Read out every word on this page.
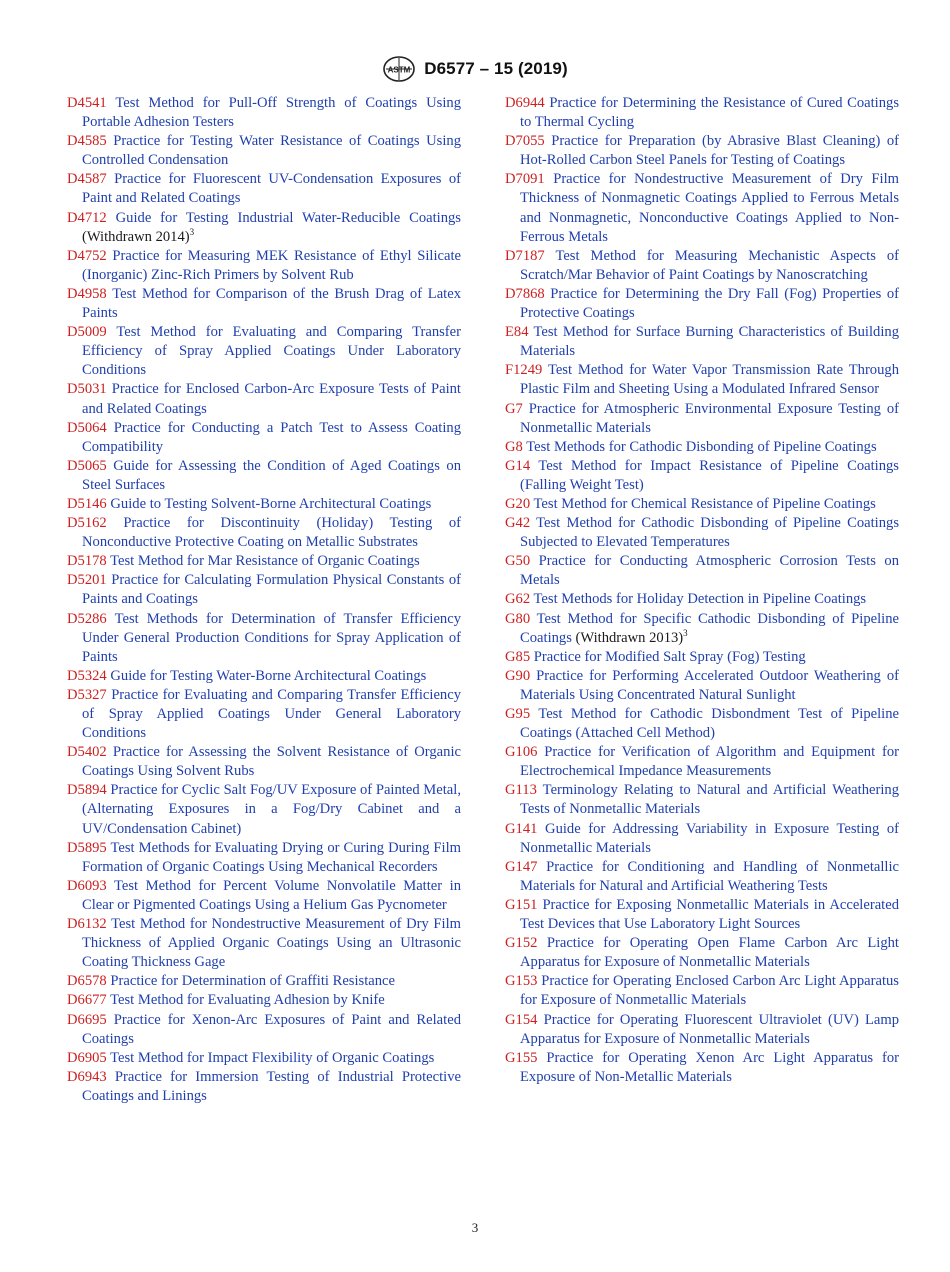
ASTM D6577 – 15 (2019)

D4541 Test Method for Pull-Off Strength of Coatings Using Portable Adhesion Testers

D4585 Practice for Testing Water Resistance of Coatings Using Controlled Condensation

D4587 Practice for Fluorescent UV-Condensation Exposures of Paint and Related Coatings

D4712 Guide for Testing Industrial Water-Reducible Coatings (Withdrawn 2014)$^3$

D4752 Practice for Measuring MEK Resistance of Ethyl Silicate (Inorganic) Zinc-Rich Primers by Solvent Rub

D4958 Test Method for Comparison of the Brush Drag of Latex Paints

D5009 Test Method for Evaluating and Comparing Transfer Efficiency of Spray Applied Coatings Under Laboratory Conditions

D5031 Practice for Enclosed Carbon-Arc Exposure Tests of Paint and Related Coatings

D5064 Practice for Conducting a Patch Test to Assess Coating Compatibility

D5065 Guide for Assessing the Condition of Aged Coatings on Steel Surfaces

D5146 Guide to Testing Solvent-Borne Architectural Coatings

D5162 Practice for Discontinuity (Holiday) Testing of Nonconductive Protective Coating on Metallic Substrates

D5178 Test Method for Mar Resistance of Organic Coatings

D5201 Practice for Calculating Formulation Physical Constants of Paints and Coatings

D5286 Test Methods for Determination of Transfer Efficiency Under General Production Conditions for Spray Application of Paints

D5324 Guide for Testing Water-Borne Architectural Coatings

D5327 Practice for Evaluating and Comparing Transfer Efficiency of Spray Applied Coatings Under General Laboratory Conditions

D5402 Practice for Assessing the Solvent Resistance of Organic Coatings Using Solvent Rubs

D5894 Practice for Cyclic Salt Fog/UV Exposure of Painted Metal, (Alternating Exposures in a Fog/Dry Cabinet and a UV/Condensation Cabinet)

D5895 Test Methods for Evaluating Drying or Curing During Film Formation of Organic Coatings Using Mechanical Recorders

D6093 Test Method for Percent Volume Nonvolatile Matter in Clear or Pigmented Coatings Using a Helium Gas Pycnometer

D6132 Test Method for Nondestructive Measurement of Dry Film Thickness of Applied Organic Coatings Using an Ultrasonic Coating Thickness Gage

D6578 Practice for Determination of Graffiti Resistance

D6677 Test Method for Evaluating Adhesion by Knife

D6695 Practice for Xenon-Arc Exposures of Paint and Related Coatings

D6905 Test Method for Impact Flexibility of Organic Coatings

D6943 Practice for Immersion Testing of Industrial Protective Coatings and Linings

D6944 Practice for Determining the Resistance of Cured Coatings to Thermal Cycling

D7055 Practice for Preparation (by Abrasive Blast Cleaning) of Hot-Rolled Carbon Steel Panels for Testing of Coatings

D7091 Practice for Nondestructive Measurement of Dry Film Thickness of Nonmagnetic Coatings Applied to Ferrous Metals and Nonmagnetic, Nonconductive Coatings Applied to Non-Ferrous Metals

D7187 Test Method for Measuring Mechanistic Aspects of Scratch/Mar Behavior of Paint Coatings by Nanoscratching

D7868 Practice for Determining the Dry Fall (Fog) Properties of Protective Coatings

E84 Test Method for Surface Burning Characteristics of Building Materials

F1249 Test Method for Water Vapor Transmission Rate Through Plastic Film and Sheeting Using a Modulated Infrared Sensor

G7 Practice for Atmospheric Environmental Exposure Testing of Nonmetallic Materials

G8 Test Methods for Cathodic Disbonding of Pipeline Coatings

G14 Test Method for Impact Resistance of Pipeline Coatings (Falling Weight Test)

G20 Test Method for Chemical Resistance of Pipeline Coatings

G42 Test Method for Cathodic Disbonding of Pipeline Coatings Subjected to Elevated Temperatures

G50 Practice for Conducting Atmospheric Corrosion Tests on Metals

G62 Test Methods for Holiday Detection in Pipeline Coatings

G80 Test Method for Specific Cathodic Disbonding of Pipeline Coatings (Withdrawn 2013)$^3$

G85 Practice for Modified Salt Spray (Fog) Testing

G90 Practice for Performing Accelerated Outdoor Weathering of Materials Using Concentrated Natural Sunlight

G95 Test Method for Cathodic Disbondment Test of Pipeline Coatings (Attached Cell Method)

G106 Practice for Verification of Algorithm and Equipment for Electrochemical Impedance Measurements

G113 Terminology Relating to Natural and Artificial Weathering Tests of Nonmetallic Materials

G141 Guide for Addressing Variability in Exposure Testing of Nonmetallic Materials

G147 Practice for Conditioning and Handling of Nonmetallic Materials for Natural and Artificial Weathering Tests

G151 Practice for Exposing Nonmetallic Materials in Accelerated Test Devices that Use Laboratory Light Sources

G152 Practice for Operating Open Flame Carbon Arc Light Apparatus for Exposure of Nonmetallic Materials

G153 Practice for Operating Enclosed Carbon Arc Light Apparatus for Exposure of Nonmetallic Materials

G154 Practice for Operating Fluorescent Ultraviolet (UV) Lamp Apparatus for Exposure of Nonmetallic Materials

G155 Practice for Operating Xenon Arc Light Apparatus for Exposure of Non-Metallic Materials

3
